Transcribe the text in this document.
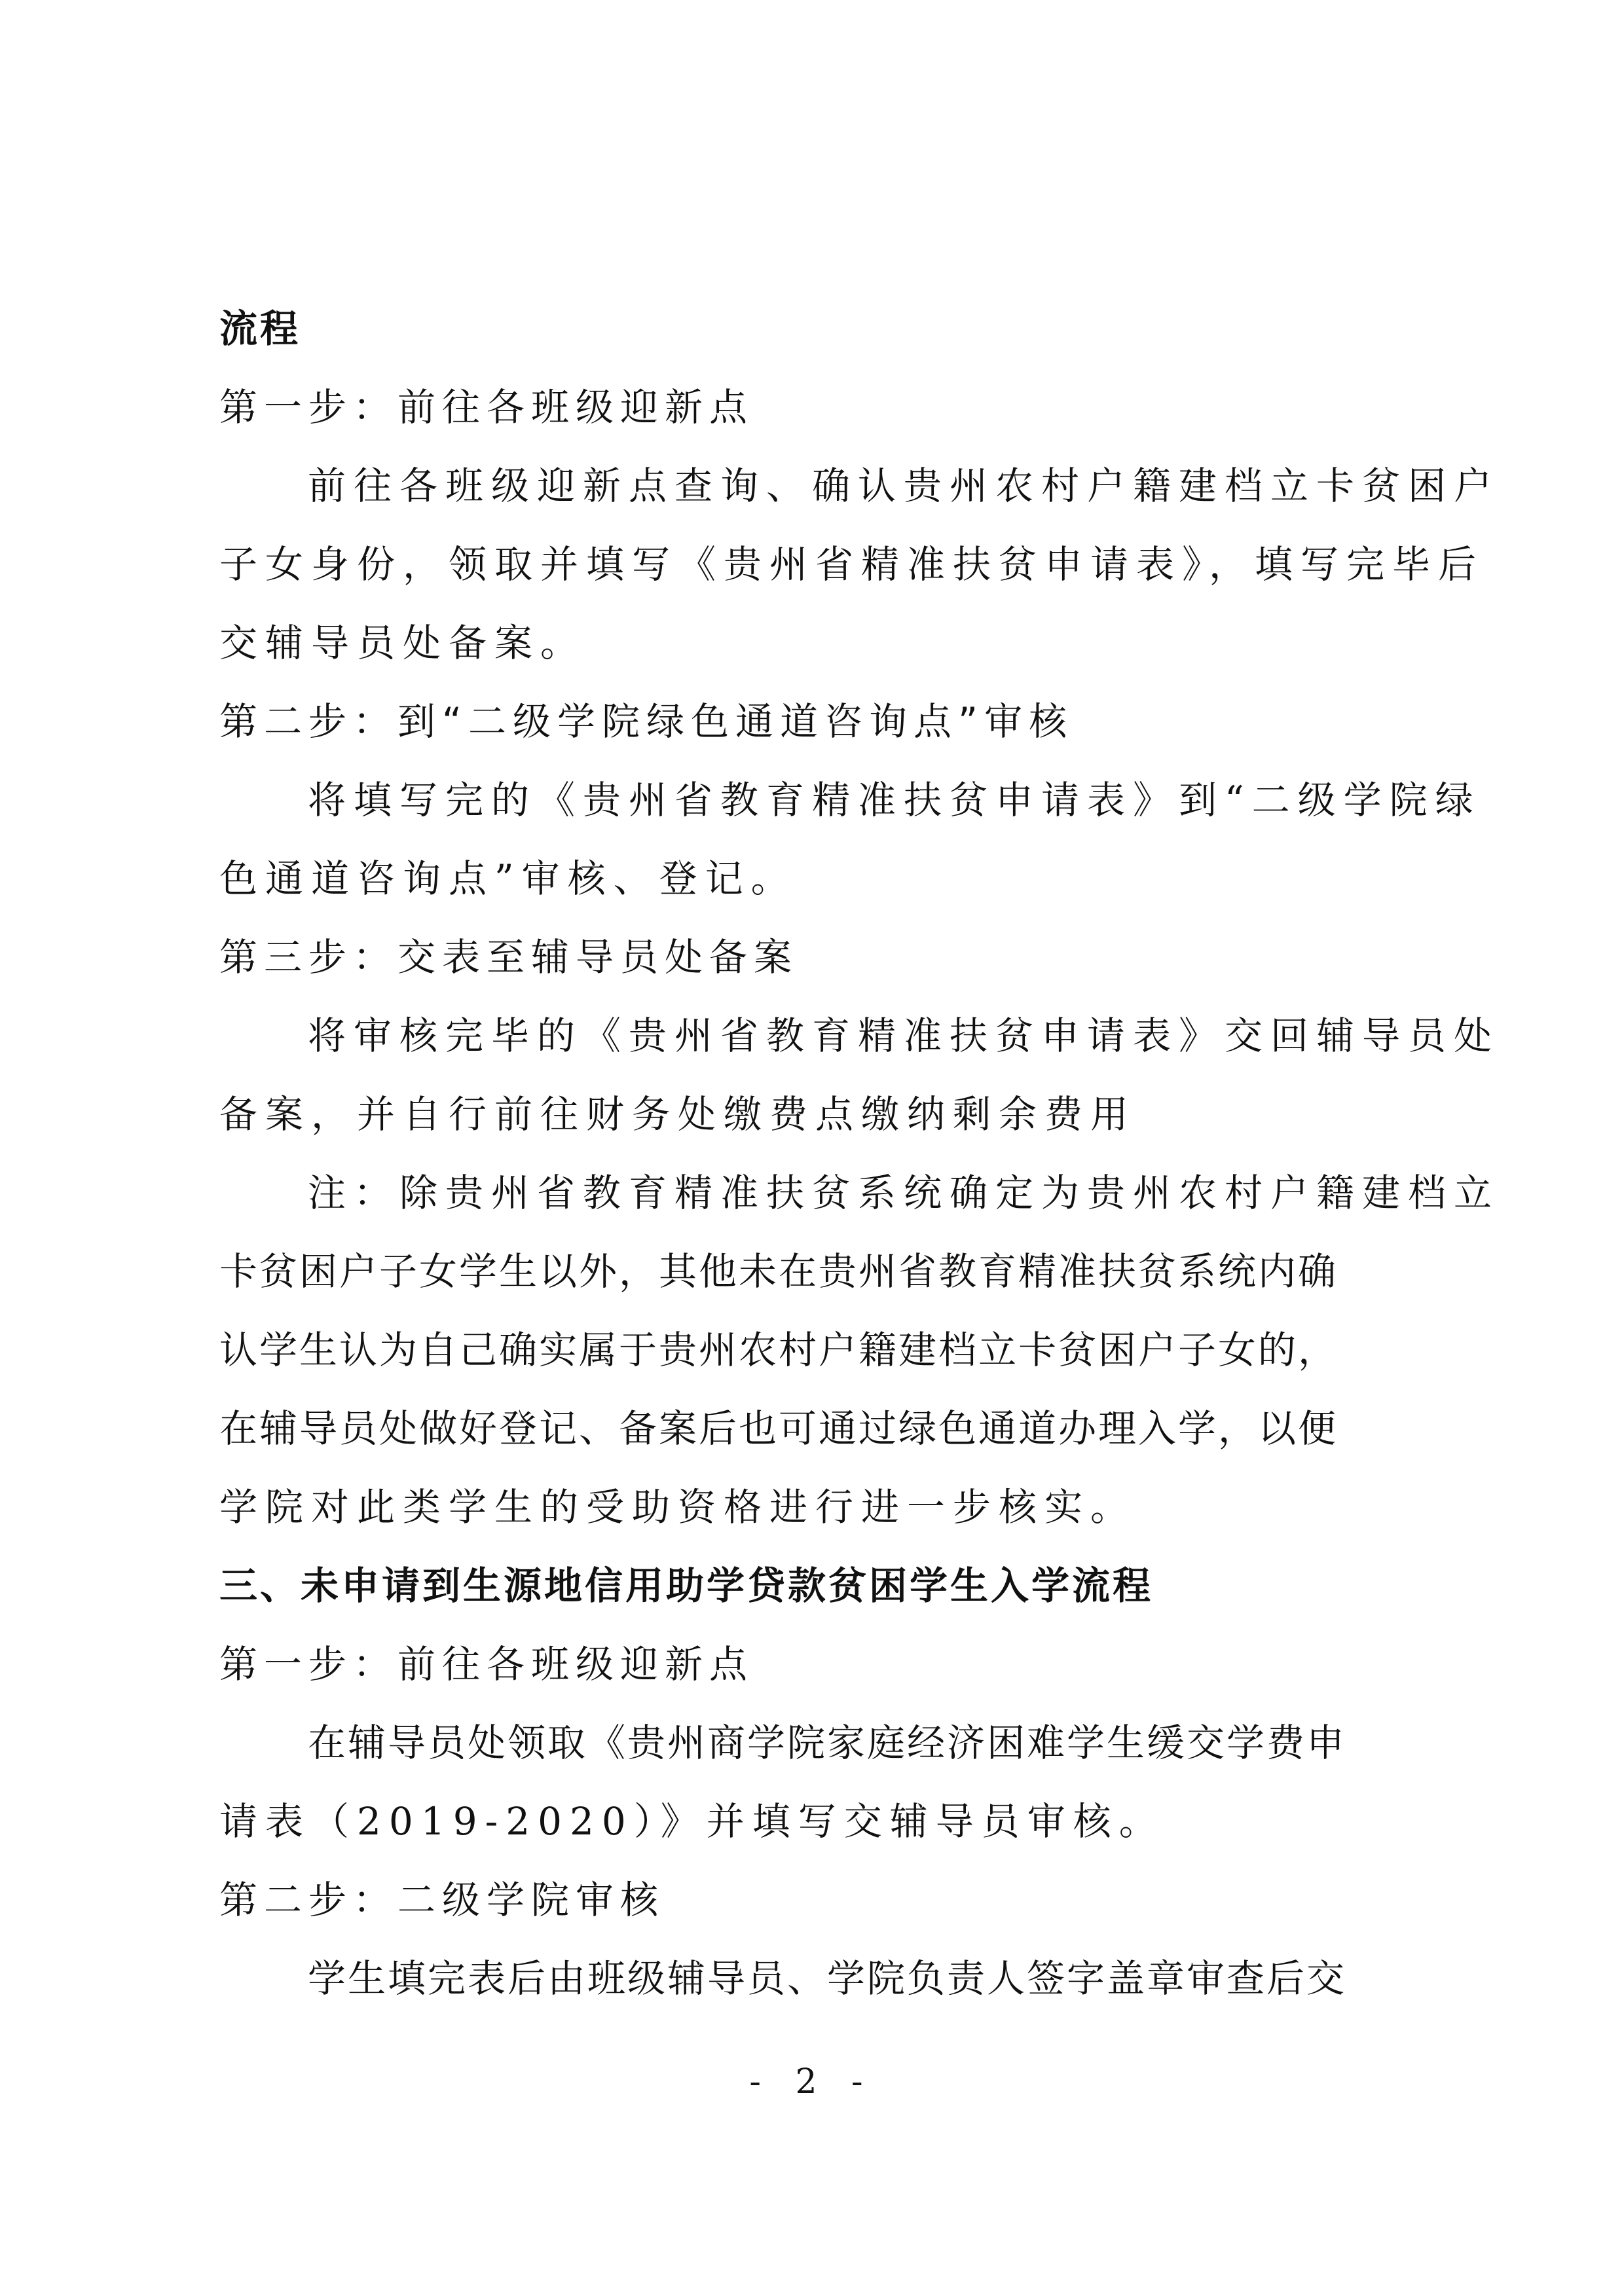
流程
第一步：前往各班级迎新点
前往各班级迎新点查询、确认贵州农村户籍建档立卡贫困户
子女身份，领取并填写《贵州省精准扶贫申请表》，填写完毕后
交辅导员处备案。
第二步：到“二级学院绿色通道咨询点”审核
将填写完的《贵州省教育精准扶贫申请表》到“二级学院绿
色通道咨询点”审核、登记。
第三步：交表至辅导员处备案
将审核完毕的《贵州省教育精准扶贫申请表》交回辅导员处
备案，并自行前往财务处缴费点缴纳剩余费用
注：除贵州省教育精准扶贫系统确定为贵州农村户籍建档立
卡贫困户子女学生以外，其他未在贵州省教育精准扶贫系统内确
认学生认为自己确实属于贵州农村户籍建档立卡贫困户子女的，
在辅导员处做好登记、备案后也可通过绿色通道办理入学，以便
学院对此类学生的受助资格进行进一步核实。
三、未申请到生源地信用助学贷款贫困学生入学流程
第一步：前往各班级迎新点
在辅导员处领取《贵州商学院家庭经济困难学生缓交学费申
请表（2019-2020）》并填写交辅导员审核。
第二步：二级学院审核
学生填完表后由班级辅导员、学院负责人签字盖章审查后交
- 2 -
